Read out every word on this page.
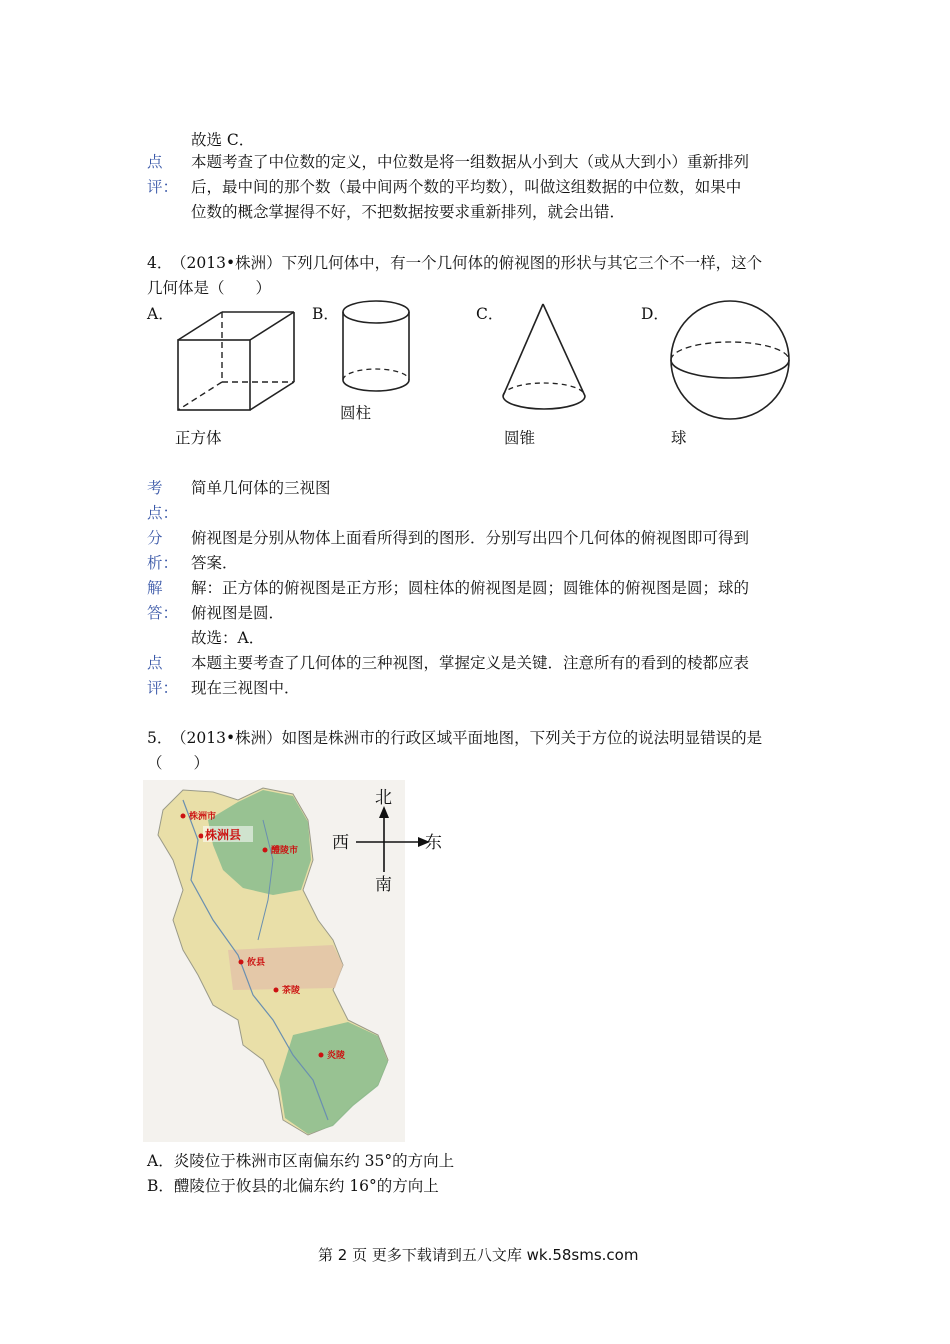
故选 C．
点
评：
本题考查了中位数的定义，中位数是将一组数据从小到大（或从大到小）重新排列
后，最中间的那个数（最中间两个数的平均数），叫做这组数据的中位数，如果中
位数的概念掌握得不好，不把数据按要求重新排列，就会出错．
4．
（2013•株洲）下列几何体中，有一个几何体的俯视图的形状与其它三个不一样，这个
几何体是（　　）
A．	B．	C．	D．
正方体
圆柱
圆锥	球
考
点：
简单几何体的三视图
分
析：
俯视图是分别从物体上面看所得到的图形．分别写出四个几何体的俯视图即可得到
答案．
解
答：
解：正方体的俯视图是正方形；圆柱体的俯视图是圆；圆锥体的俯视图是圆；球的
俯视图是圆．
故选：A．
点
评：
本题主要考查了几何体的三种视图，掌握定义是关键．注意所有的看到的棱都应表
现在三视图中．
5．
（2013•株洲）如图是株洲市的行政区域平面地图，下列关于方位的说法明显错误的是
（　　）
株洲市
株洲县
醴陵市
攸县
茶陵
炎陵
北
南
西	东
A．炎陵位于株洲市区南偏东约 35°的方向上
B．醴陵位于攸县的北偏东约 16°的方向上
第 2 页 更多下载请到五八文库 wk.58sms.com
